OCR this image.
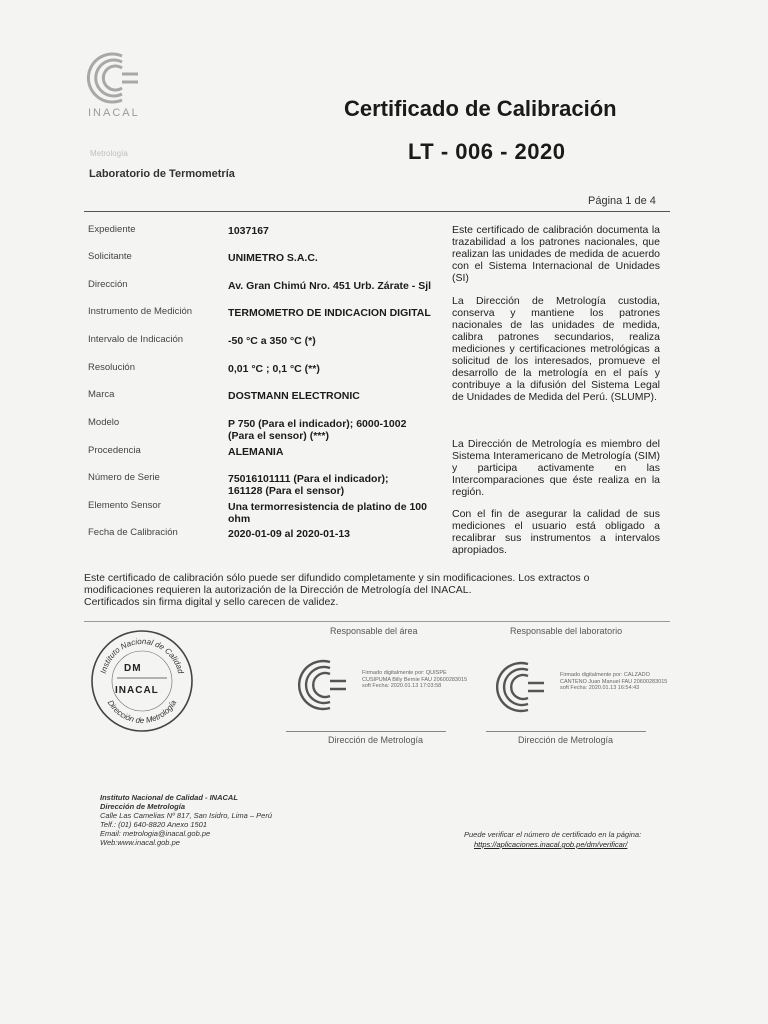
INACAL
Metrología
Certificado de Calibración
LT - 006 - 2020
Laboratorio de Termometría
Página 1 de 4
Expediente	1037167
Solicitante	UNIMETRO S.A.C.
Dirección	Av. Gran Chimú Nro. 451 Urb. Zárate - Sjl
Instrumento de Medición	TERMOMETRO DE INDICACION DIGITAL
Intervalo de Indicación	-50 °C a 350 °C (*)
Resolución	0,01 °C ; 0,1 °C (**)
Marca	DOSTMANN ELECTRONIC
Modelo	P 750 (Para el indicador); 6000-1002 (Para el sensor) (***)
Procedencia	ALEMANIA
Número de Serie	75016101111 (Para el indicador); 161128 (Para el sensor)
Elemento Sensor	Una termorresistencia de platino de 100 ohm
Fecha de Calibración	2020-01-09 al 2020-01-13
Este certificado de calibración documenta la trazabilidad a los patrones nacionales, que realizan las unidades de medida de acuerdo con el Sistema Internacional de Unidades (SI)
La Dirección de Metrología custodia, conserva y mantiene los patrones nacionales de las unidades de medida, calibra patrones secundarios, realiza mediciones y certificaciones metrológicas a solicitud de los interesados, promueve el desarrollo de la metrología en el país y contribuye a la difusión del Sistema Legal de Unidades de Medida del Perú. (SLUMP).
La Dirección de Metrología es miembro del Sistema Interamericano de Metrología (SIM) y participa activamente en las Intercomparaciones que éste realiza en la región.
Con el fin de asegurar la calidad de sus mediciones el usuario está obligado a recalibrar sus instrumentos a intervalos apropiados.
Este certificado de calibración sólo puede ser difundido completamente y sin modificaciones. Los extractos o
modificaciones requieren la autorización de la Dirección de Metrología del INACAL.
Certificados sin firma digital y sello carecen de validez.
Instituto Nacional de Calidad
Dirección de Metrología
DM
INACAL
Responsable del área
Firmado digitalmente por: QUISPE CUSIPUMA Billy Bernie FAU 20600283015 soft Fecha: 2020.01.13 17:03:58
Dirección de Metrología
Responsable del laboratorio
Firmado digitalmente por: CALZADO CANTENO Juan Manuel FAU 20600283015 soft Fecha: 2020.01.13 16:54:43
Dirección de Metrología
Instituto Nacional de Calidad - INACAL
Dirección de Metrología
Calle Las Camelias Nº 817, San Isidro, Lima – Perú
Telf.: (01) 640-8820 Anexo 1501
Email: metrologia@inacal.gob.pe
Web:www.inacal.gob.pe
Puede verificar el número de certificado en la página:
https://aplicaciones.inacal.gob.pe/dm/verificar/
